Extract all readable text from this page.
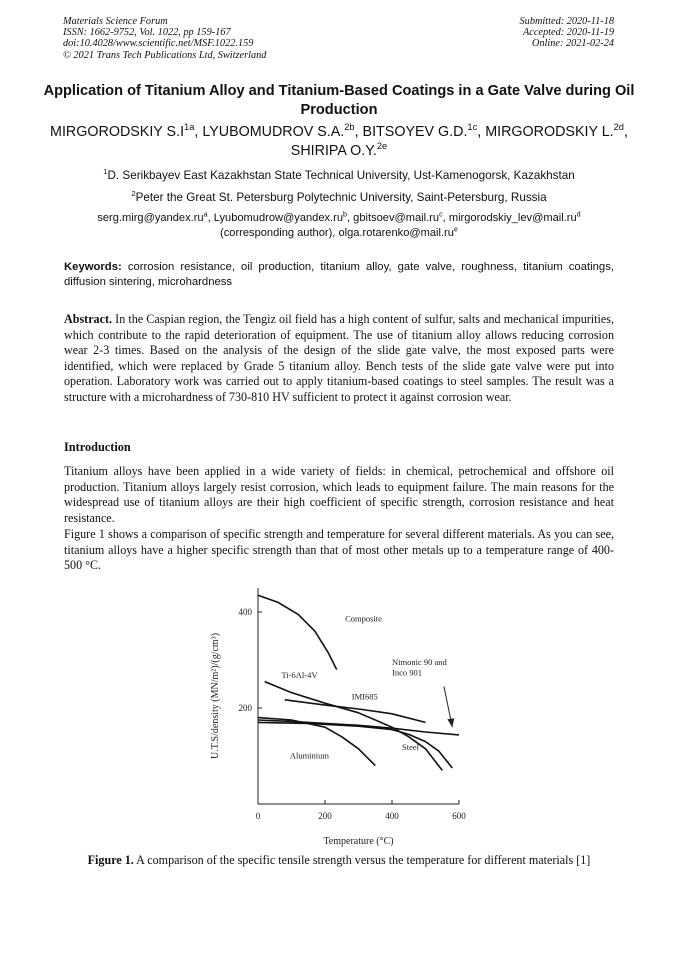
Materials Science Forum
ISSN: 1662-9752, Vol. 1022, pp 159-167
doi:10.4028/www.scientific.net/MSF.1022.159
© 2021 Trans Tech Publications Ltd, Switzerland
Submitted: 2020-11-18
Accepted: 2020-11-19
Online: 2021-02-24
Application of Titanium Alloy and Titanium-Based Coatings in a Gate Valve during Oil Production
MIRGORODSKIY $S.I^{1a}$, LYUBOMUDROV S.A.$^{2b}$, BITSOYEV G.D.$^{1c}$, MIRGORODSKIY L.$^{2d}$, SHIRIPA O.Y.$^{2e}$
$^1$D. Serikbayev East Kazakhstan State Technical University, Ust-Kamenogorsk, Kazakhstan
$^2$Peter the Great St. Petersburg Polytechnic University, Saint-Petersburg, Russia
$serg.mirg@yandex.ru^a$, $Lyubomudrow@yandex.ru^b$, $gbitsoev@mail.ru^c$, $mirgorodskiy\_lev@mail.ru^d$
(corresponding author), $olga.rotarenko@mail.ru^e$
Keywords: corrosion resistance, oil production, titanium alloy, gate valve, roughness, titanium coatings, diffusion sintering, microhardness
Abstract. In the Caspian region, the Tengiz oil field has a high content of sulfur, salts and mechanical impurities, which contribute to the rapid deterioration of equipment. The use of titanium alloy allows reducing corrosion wear 2-3 times. Based on the analysis of the design of the slide gate valve, the most exposed parts were identified, which were replaced by Grade 5 titanium alloy. Bench tests of the slide gate valve were put into operation. Laboratory work was carried out to apply titanium-based coatings to steel samples. The result was a structure with a microhardness of 730-810 HV sufficient to protect it against corrosion wear.
Introduction
Titanium alloys have been applied in a wide variety of fields: in chemical, petrochemical and offshore oil production. Titanium alloys largely resist corrosion, which leads to equipment failure. The main reasons for the widespread use of titanium alloys are their high coefficient of specific strength, corrosion resistance and heat resistance.
Figure 1 shows a comparison of specific strength and temperature for several different materials. As you can see, titanium alloys have a higher specific strength than that of most other metals up to a temperature range of 400-500 °C.
0	200	400	600
200
400
Temperature (°C)
U.T.S/density (MN/m²)/(g/cm³)
Composite
Ti-6Al-4V
IMI685
Nimonic 90 and
Inco 901
Steel
Aluminium
Figure 1. A comparison of the specific tensile strength versus the temperature for different materials [1]
